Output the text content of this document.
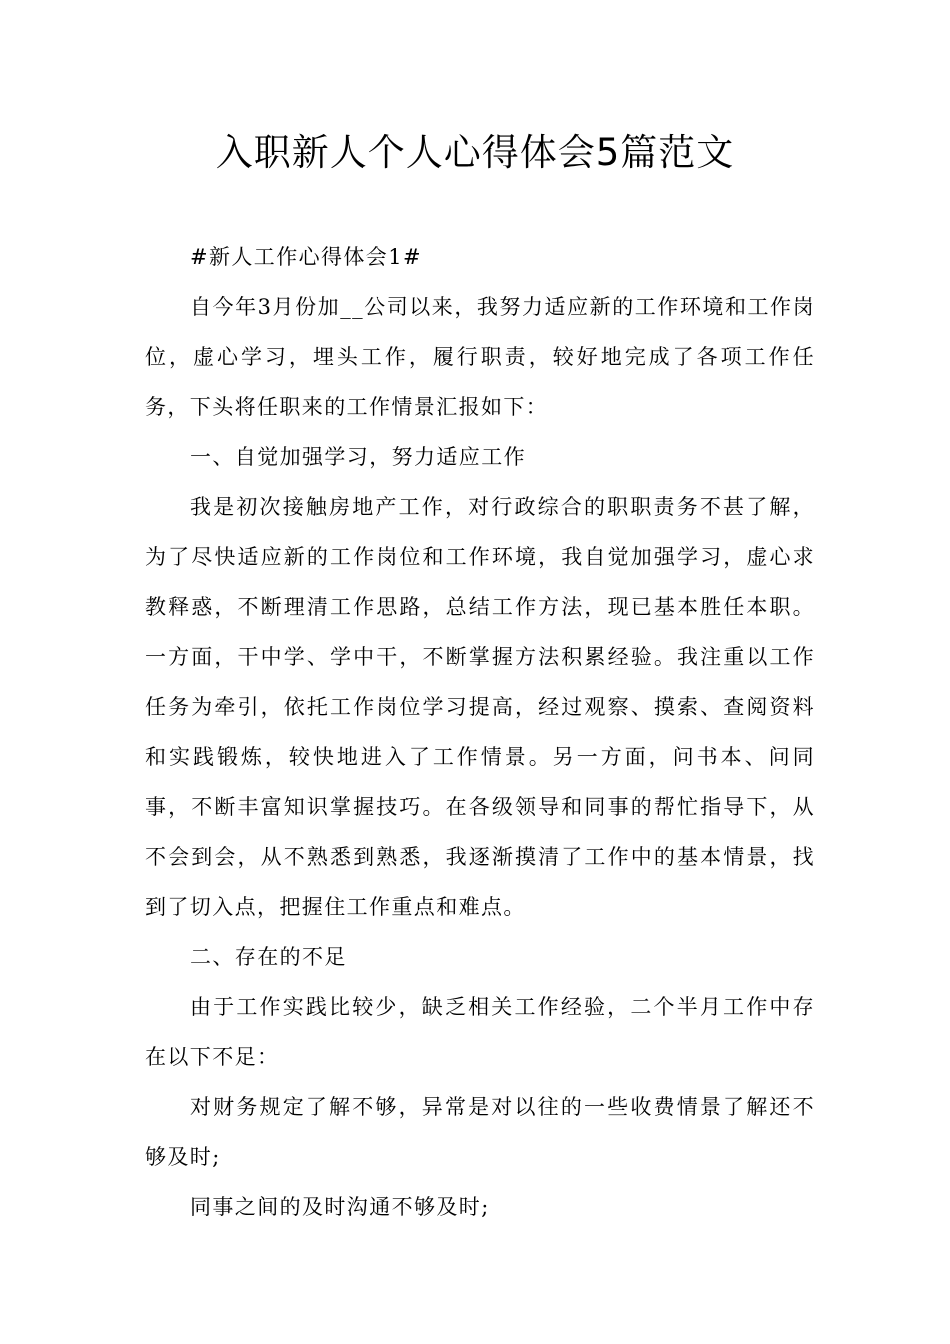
入职新人个人心得体会5篇范文

#新人工作心得体会1#

自今年3月份加__公司以来，我努力适应新的工作环境和工作岗位，虚心学习，埋头工作，履行职责，较好地完成了各项工作任务，下头将任职来的工作情景汇报如下：

一、自觉加强学习，努力适应工作

我是初次接触房地产工作，对行政综合的职职责务不甚了解，为了尽快适应新的工作岗位和工作环境，我自觉加强学习，虚心求教释惑，不断理清工作思路，总结工作方法，现已基本胜任本职。一方面，干中学、学中干，不断掌握方法积累经验。我注重以工作任务为牵引，依托工作岗位学习提高，经过观察、摸索、查阅资料和实践锻炼，较快地进入了工作情景。另一方面，问书本、问同事，不断丰富知识掌握技巧。在各级领导和同事的帮忙指导下，从不会到会，从不熟悉到熟悉，我逐渐摸清了工作中的基本情景，找到了切入点，把握住工作重点和难点。

二、存在的不足

由于工作实践比较少，缺乏相关工作经验，二个半月工作中存在以下不足：

对财务规定了解不够，异常是对以往的一些收费情景了解还不够及时;

同事之间的及时沟通不够及时;
